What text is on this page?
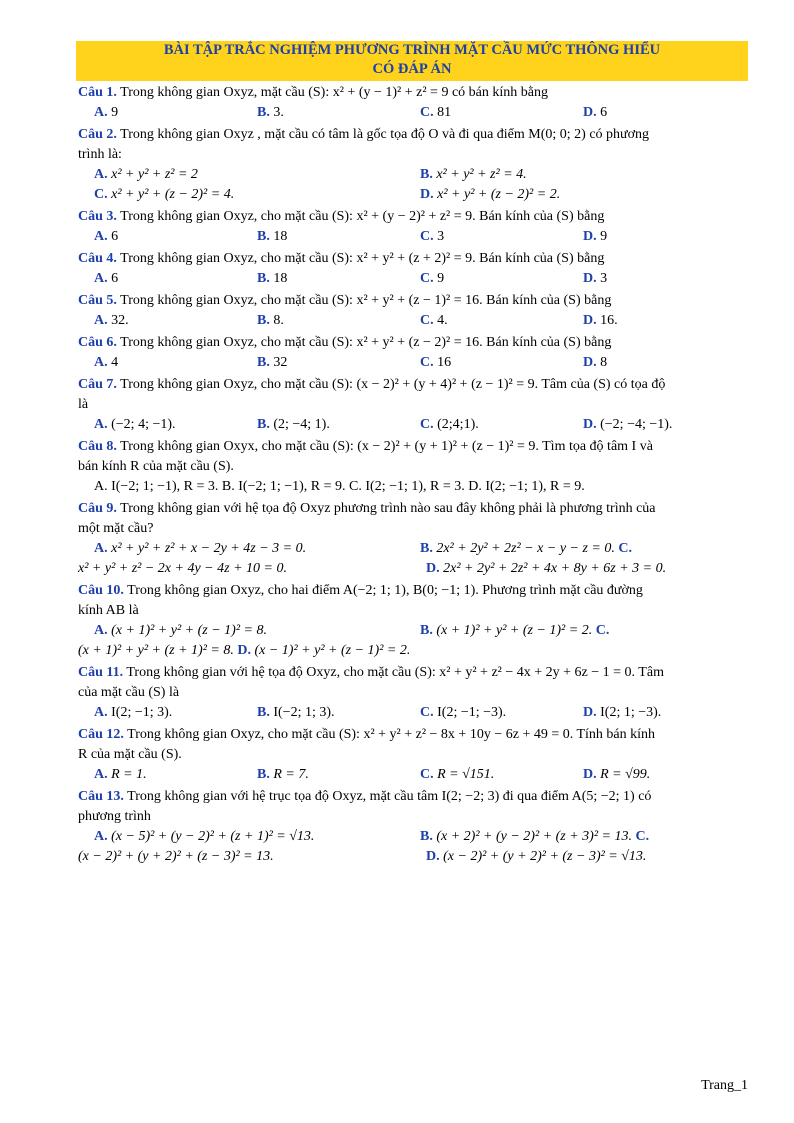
BÀI TẬP TRẮC NGHIỆM PHƯƠNG TRÌNH MẶT CẦU MỨC THÔNG HIỂU
CÓ ĐÁP ÁN
Câu 1. Trong không gian Oxyz, mặt cầu (S): x² + (y − 1)² + z² = 9 có bán kính bằng
A. 9	B. 3.	C. 81	D. 6
Câu 2. Trong không gian Oxyz , mặt cầu có tâm là gốc tọa độ O và đi qua điểm M(0; 0; 2) có phương
trình là:
A. x² + y² + z² = 2	B. x² + y² + z² = 4.
C. x² + y² + (z − 2)² = 4.	D. x² + y² + (z − 2)² = 2.
Câu 3. Trong không gian Oxyz, cho mặt cầu (S): x² + (y − 2)² + z² = 9. Bán kính của (S) bằng
A. 6	B. 18	C. 3	D. 9
Câu 4. Trong không gian Oxyz, cho mặt cầu (S): x² + y² + (z + 2)² = 9. Bán kính của (S) bằng
A. 6	B. 18	C. 9	D. 3
Câu 5. Trong không gian Oxyz, cho mặt cầu (S): x² + y² + (z − 1)² = 16. Bán kính của (S) bằng
A. 32.	B. 8.	C. 4.	D. 16.
Câu 6. Trong không gian Oxyz, cho mặt cầu (S): x² + y² + (z − 2)² = 16. Bán kính của (S) bằng
A. 4	B. 32	C. 16	D. 8
Câu 7. Trong không gian Oxyz, cho mặt cầu (S): (x − 2)² + (y + 4)² + (z − 1)² = 9. Tâm của (S) có tọa độ
là
A. (−2; 4; −1).	B. (2; −4; 1).	C. (2;4;1).	D. (−2; −4; −1).
Câu 8. Trong không gian Oxyx, cho mặt cầu (S): (x − 2)² + (y + 1)² + (z − 1)² = 9. Tìm tọa độ tâm I và
bán kính R của mặt cầu (S).
A. I(−2; 1; −1), R = 3. B. I(−2; 1; −1), R = 9. C. I(2; −1; 1), R = 3. D. I(2; −1; 1), R = 9.
Câu 9. Trong không gian với hệ tọa độ Oxyz phương trình nào sau đây không phải là phương trình của
một mặt cầu?
A. x² + y² + z² + x − 2y + 4z − 3 = 0.	B. 2x² + 2y² + 2z² − x − y − z = 0. C.
x² + y² + z² − 2x + 4y − 4z + 10 = 0.	D. 2x² + 2y² + 2z² + 4x + 8y + 6z + 3 = 0.
Câu 10. Trong không gian Oxyz, cho hai điểm A(−2; 1; 1), B(0; −1; 1). Phương trình mặt cầu đường
kính AB là
A. (x + 1)² + y² + (z − 1)² = 8.	B. (x + 1)² + y² + (z − 1)² = 2. C.
(x + 1)² + y² + (z + 1)² = 8. D. (x − 1)² + y² + (z − 1)² = 2.
Câu 11. Trong không gian với hệ tọa độ Oxyz, cho mặt cầu (S): x² + y² + z² − 4x + 2y + 6z − 1 = 0. Tâm
của mặt cầu (S) là
A. I(2; −1; 3).	B. I(−2; 1; 3).	C. I(2; −1; −3).	D. I(2; 1; −3).
Câu 12. Trong không gian Oxyz, cho mặt cầu (S): x² + y² + z² − 8x + 10y − 6z + 49 = 0. Tính bán kính
R của mặt cầu (S).
A. R = 1.	B. R = 7.	C. R = √151.	D. R = √99.
Câu 13. Trong không gian với hệ trục tọa độ Oxyz, mặt cầu tâm I(2; −2; 3) đi qua điểm A(5; −2; 1) có
phương trình
A. (x − 5)² + (y − 2)² + (z + 1)² = √13.	B. (x + 2)² + (y − 2)² + (z + 3)² = 13. C.
(x − 2)² + (y + 2)² + (z − 3)² = 13.	D. (x − 2)² + (y + 2)² + (z − 3)² = √13.
Trang_1
